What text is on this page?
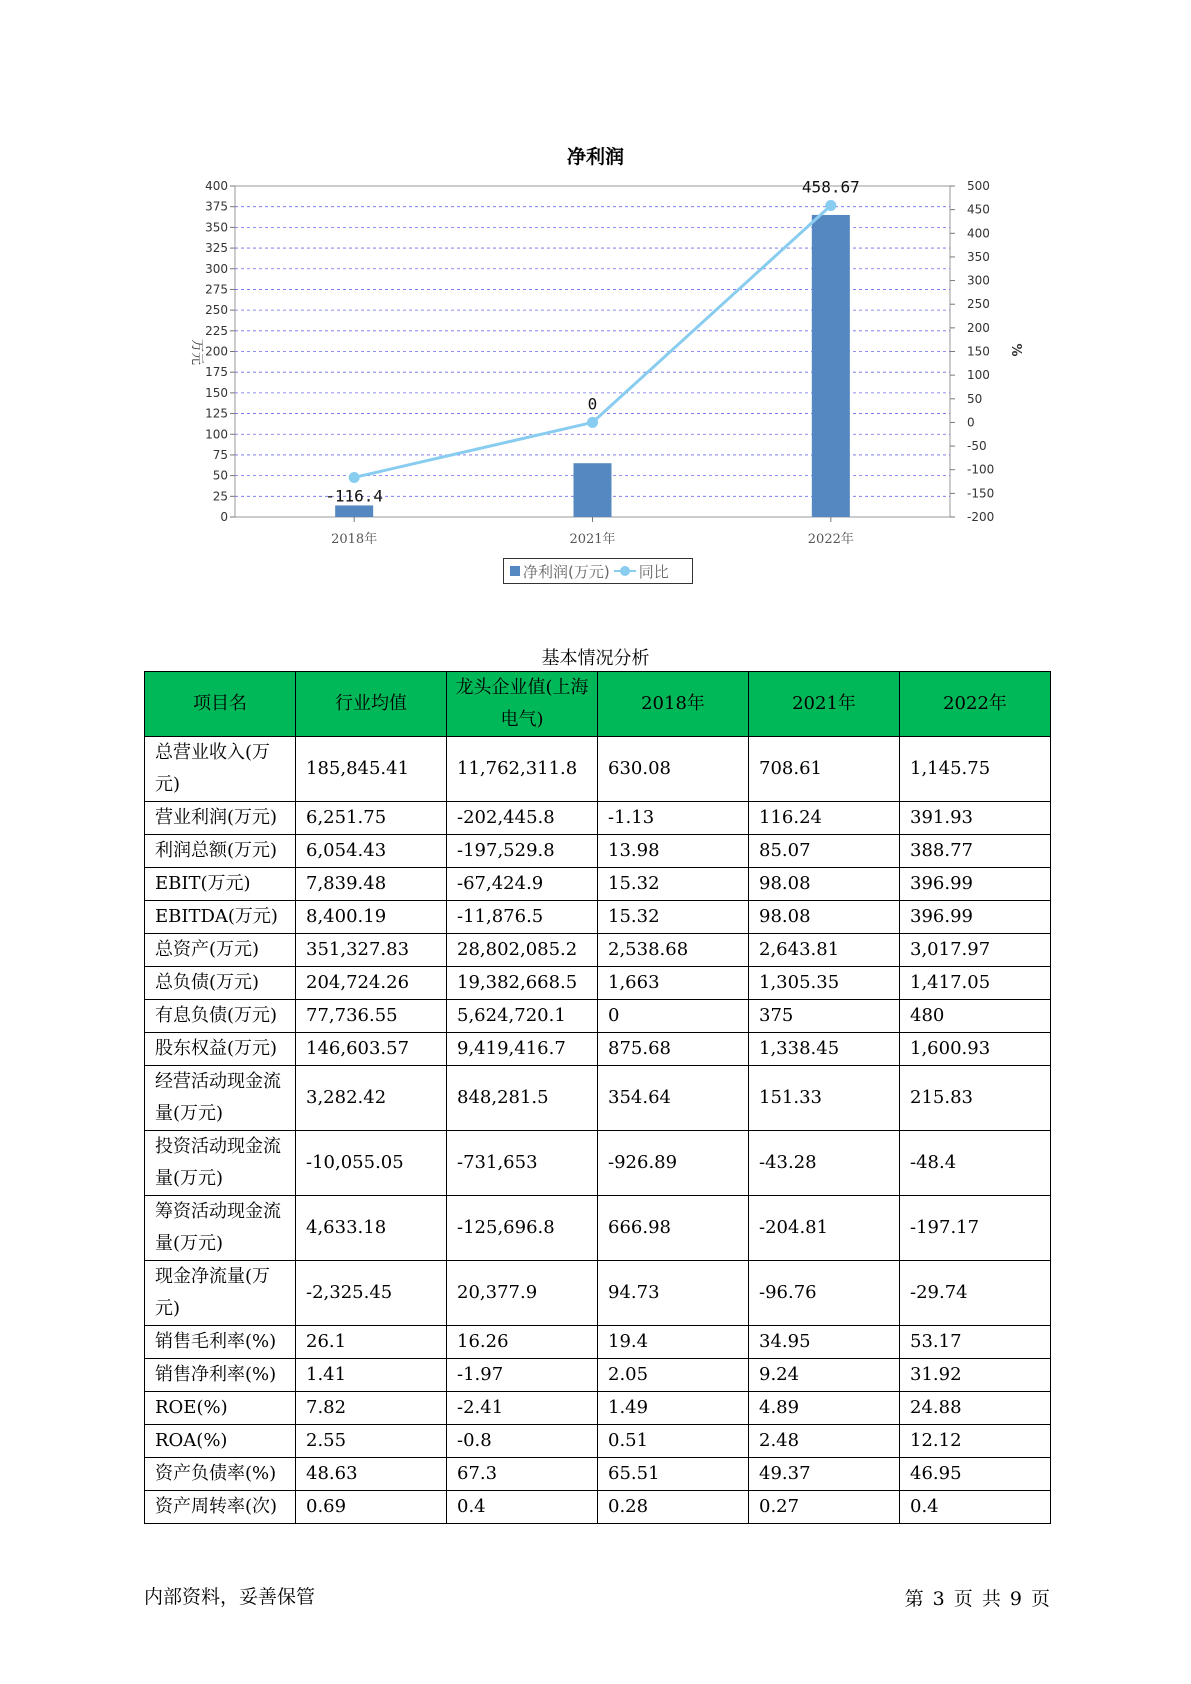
净利润
0
25
50
75
100
125
150
175
200
225
250
275
300
325
350
375
400
-200
-150
-100
-50
0
50
100
150
200
250
300
350
400
450
500
万元	%
2018年	2021年	2022年
-116.4
0
458.67
净利润(万元) 同比
基本情况分析
项目名	行业均值	龙头企业值(上海电气)	2018年	2021年	2022年
总营业收入(万元)	185,845.41	11,762,311.8	630.08	708.61	1,145.75
营业利润(万元)	6,251.75	-202,445.8	-1.13	116.24	391.93
利润总额(万元)	6,054.43	-197,529.8	13.98	85.07	388.77
EBIT(万元)	7,839.48	-67,424.9	15.32	98.08	396.99
EBITDA(万元)	8,400.19	-11,876.5	15.32	98.08	396.99
总资产(万元)	351,327.83	28,802,085.2	2,538.68	2,643.81	3,017.97
总负债(万元)	204,724.26	19,382,668.5	1,663	1,305.35	1,417.05
有息负债(万元)	77,736.55	5,624,720.1	0	375	480
股东权益(万元)	146,603.57	9,419,416.7	875.68	1,338.45	1,600.93
经营活动现金流量(万元)	3,282.42	848,281.5	354.64	151.33	215.83
投资活动现金流量(万元)	-10,055.05	-731,653	-926.89	-43.28	-48.4
筹资活动现金流量(万元)	4,633.18	-125,696.8	666.98	-204.81	-197.17
现金净流量(万元)	-2,325.45	20,377.9	94.73	-96.76	-29.74
销售毛利率(%)	26.1	16.26	19.4	34.95	53.17
销售净利率(%)	1.41	-1.97	2.05	9.24	31.92
ROE(%)	7.82	-2.41	1.49	4.89	24.88
ROA(%)	2.55	-0.8	0.51	2.48	12.12
资产负债率(%)	48.63	67.3	65.51	49.37	46.95
资产周转率(次)	0.69	0.4	0.28	0.27	0.4
内部资料，妥善保管	第 3 页 共 9 页
